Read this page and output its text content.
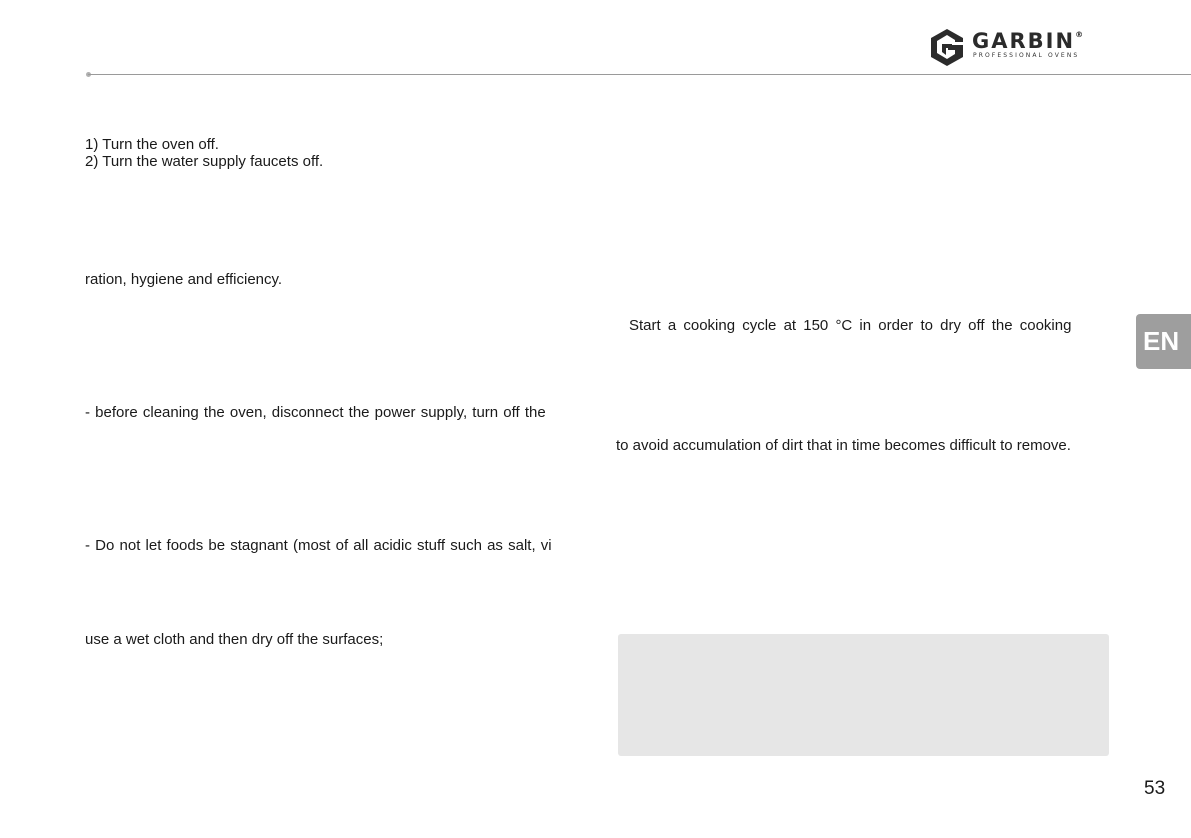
GARBIN®
PROFESSIONAL OVENS
1) Turn the oven off.
2) Turn the water supply faucets off.
ration, hygiene and efficiency.
Start a cooking cycle at 150 °C in order to dry off the cooking
EN
- before cleaning the oven, disconnect the power supply, turn off the
to avoid accumulation of dirt that in time becomes difficult to remove.
- Do not let foods be stagnant (most of all acidic stuff such as salt, vi
use a wet cloth and then dry off the surfaces;
53
